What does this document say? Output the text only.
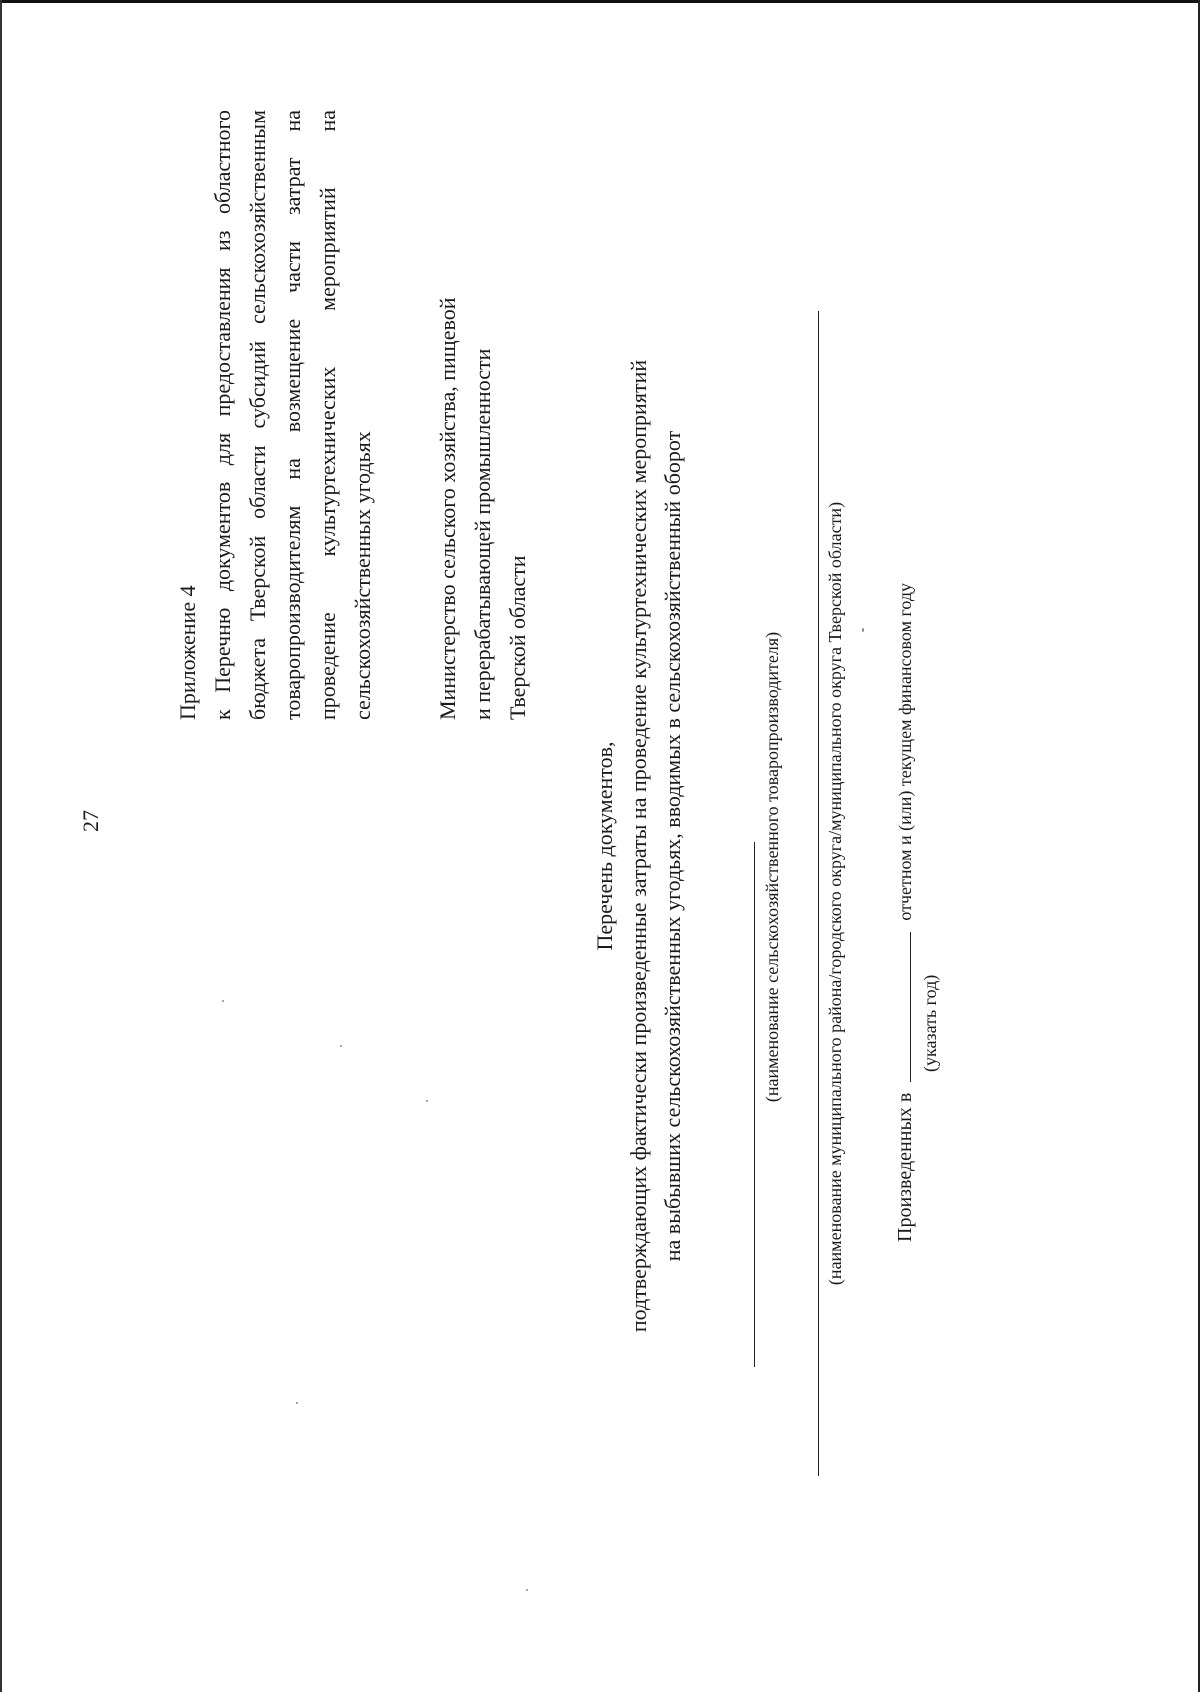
27

Приложение 4 к Перечню документов для предоставления из областного бюджета Тверской области субсидий сельскохозяйственным товаропроизводителям на возмещение части затрат на проведение культуртехнических мероприятий на сельскохозяйственных угодьях	Министерство сельского хозяйства, пищевой и перерабатывающей промышленности Тверской области
Перечень документов, подтверждающих фактически произведенные затраты на проведение культуртехнических мероприятий на выбывших сельскохозяйственных угодьях, вводимых в сельскохозяйственный оборот	(наименование сельскохозяйственного товаропроизводителя) (наименование муниципального района/городского округа/муниципального округа Тверской области) Произведенных в  отчетном и (или) текущем финансовом году
(указать год)
